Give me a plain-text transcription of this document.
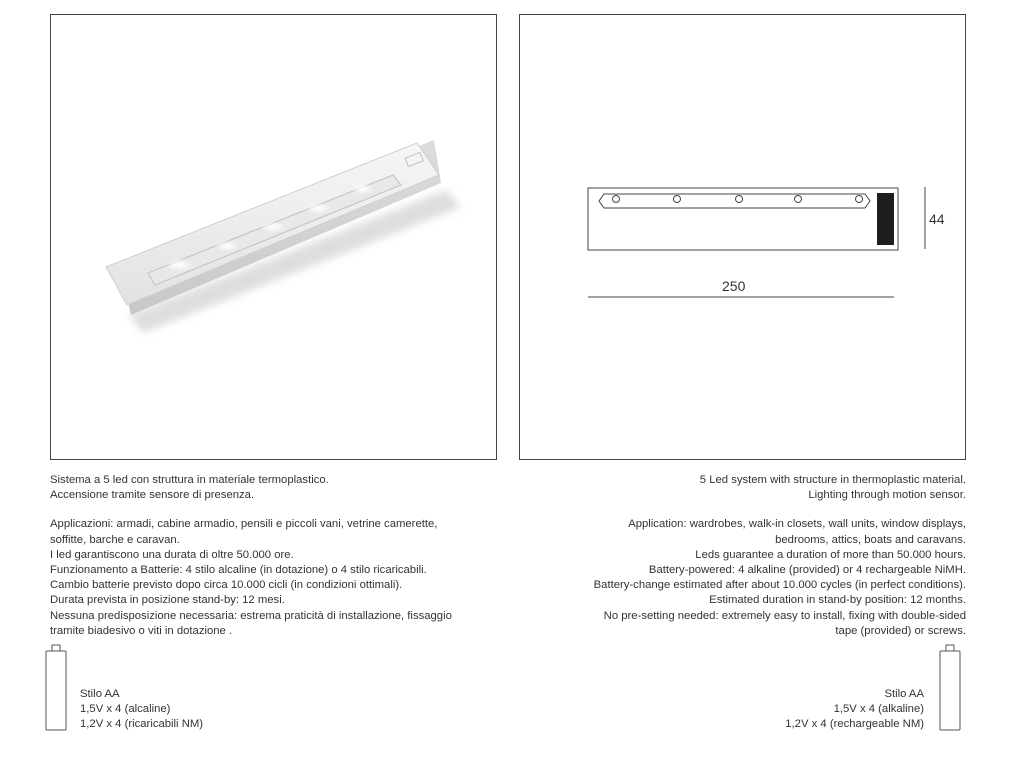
44
250

Sistema a 5 led con struttura in materiale termoplastico.

Accensione tramite sensore di presenza.

Applicazioni: armadi, cabine armadio, pensili e piccoli vani, vetrine camerette,

soffitte, barche e caravan.

I led garantiscono una durata di oltre 50.000 ore.

Funzionamento a Batterie: 4 stilo alcaline (in dotazione) o 4 stilo ricaricabili.

Cambio batterie previsto dopo circa 10.000 cicli (in condizioni ottimali).

Durata prevista in posizione stand-by: 12 mesi.

Nessuna predisposizione necessaria: estrema praticità di installazione, fissaggio

tramite biadesivo o viti in dotazione .

5 Led system with structure in thermoplastic material.

Lighting through motion sensor.

Application: wardrobes, walk-in closets, wall units, window displays,

bedrooms, attics, boats and caravans.

Leds guarantee a duration of more than 50.000 hours.

Battery-powered: 4 alkaline (provided) or 4 rechargeable NiMH.

Battery-change estimated after about 10.000 cycles (in perfect conditions).

Estimated duration in stand-by position: 12 months.

No pre-setting needed: extremely easy to install, fixing with double-sided

tape (provided) or screws.

Stilo AA
1,5V x 4 (alcaline)
1,2V x 4 (ricaricabili NM)
Stilo AA
1,5V x 4 (alkaline)
1,2V x 4 (rechargeable NM)
